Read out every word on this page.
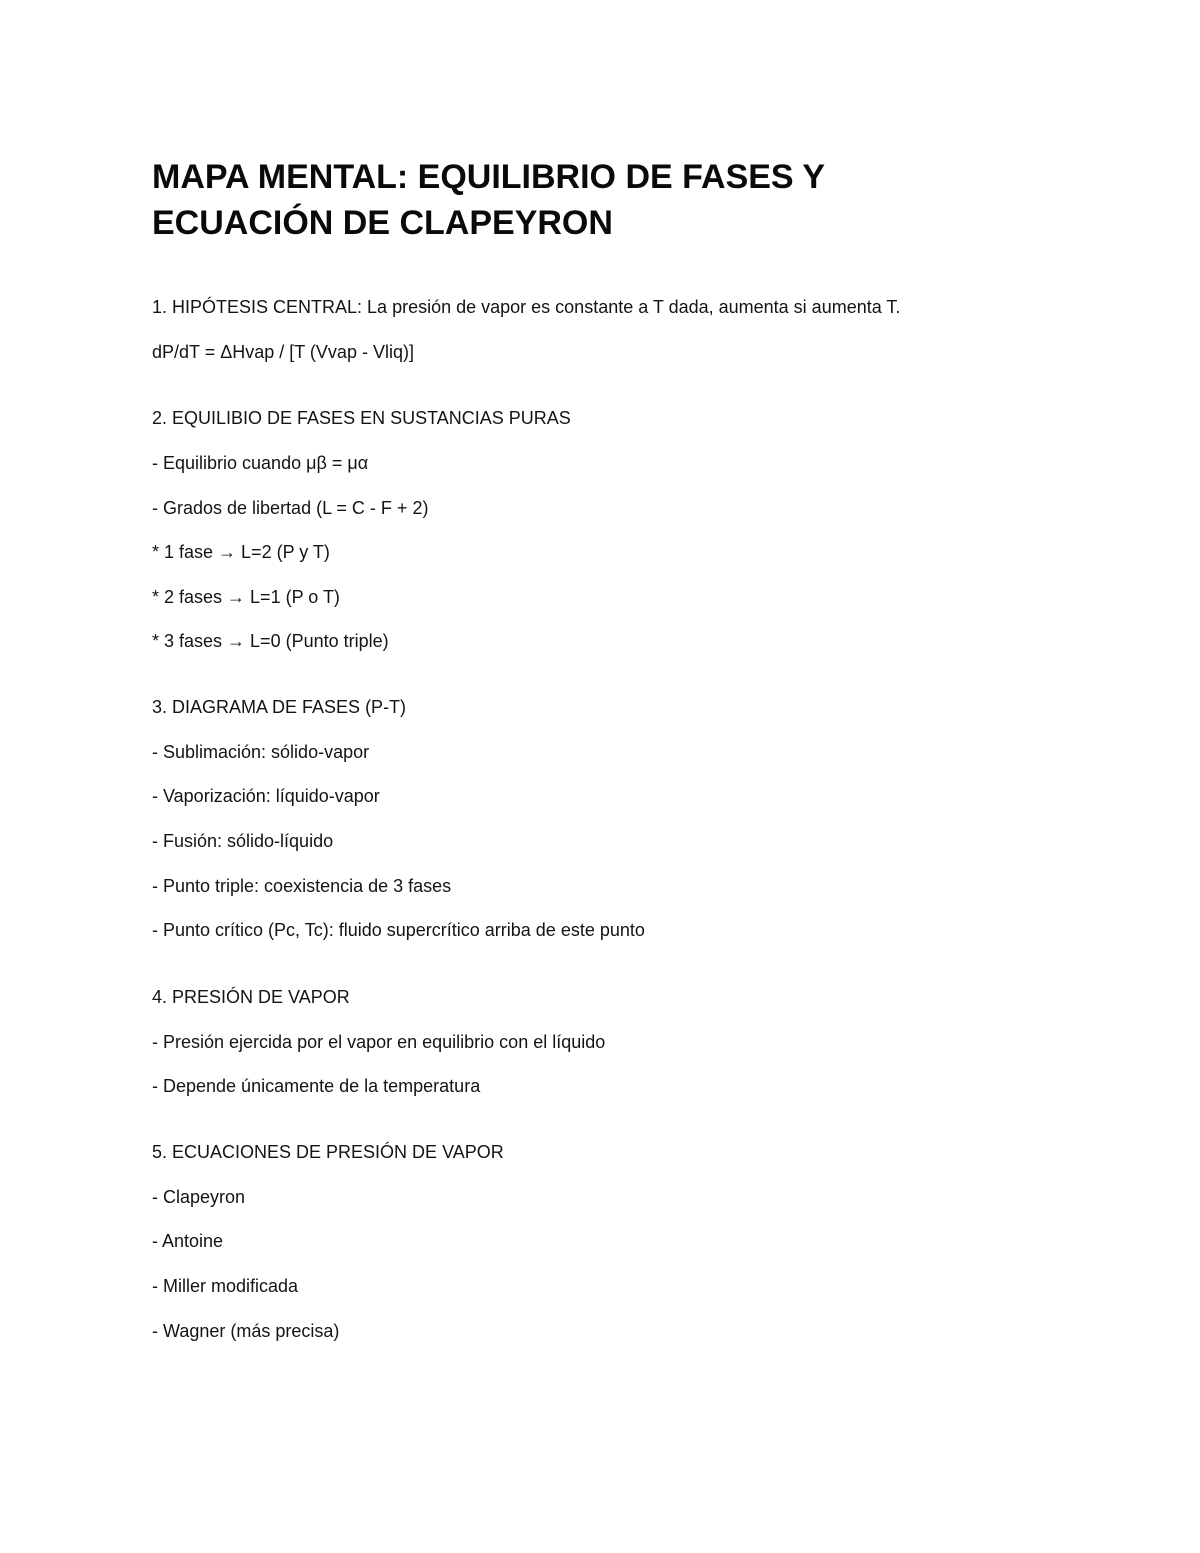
MAPA MENTAL: EQUILIBRIO DE FASES Y
ECUACIÓN DE CLAPEYRON

1. HIPÓTESIS CENTRAL: La presión de vapor es constante a T dada, aumenta si aumenta T.

dP/dT = ΔHvap / [T (Vvap - Vliq)]

2. EQUILIBIO DE FASES EN SUSTANCIAS PURAS

- Equilibrio cuando μβ = μα

- Grados de libertad (L = C - F + 2)

* 1 fase → L=2 (P y T)

* 2 fases → L=1 (P o T)

* 3 fases → L=0 (Punto triple)

3. DIAGRAMA DE FASES (P-T)

- Sublimación: sólido-vapor

- Vaporización: líquido-vapor

- Fusión: sólido-líquido

- Punto triple: coexistencia de 3 fases

- Punto crítico (Pc, Tc): fluido supercrítico arriba de este punto

4. PRESIÓN DE VAPOR

- Presión ejercida por el vapor en equilibrio con el líquido

- Depende únicamente de la temperatura

5. ECUACIONES DE PRESIÓN DE VAPOR

- Clapeyron

- Antoine

- Miller modificada

- Wagner (más precisa)
